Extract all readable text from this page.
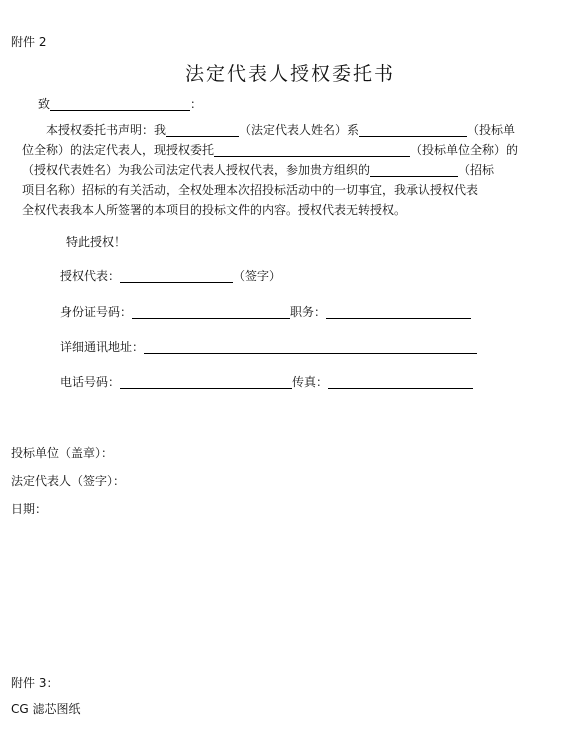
附件 2
法定代表人授权委托书
致	：

本授权委托书声明：我	（法定代表人姓名）系	（投标单

位全称）的法定代表人，现授权委托	（投标单位全称）的

（授权代表姓名）为我公司法定代表人授权代表，参加贵方组织的	（招标

项目名称）招标的有关活动，全权处理本次招投标活动中的一切事宜，我承认授权代表

全权代表我本人所签署的本项目的投标文件的内容。授权代表无转授权。

特此授权！
授权代表：	（签字）
身份证号码：	职务：
详细通讯地址：
电话号码：	传真：
投标单位（盖章）：
法定代表人（签字）：
日期：
附件 3：
CG 滤芯图纸
